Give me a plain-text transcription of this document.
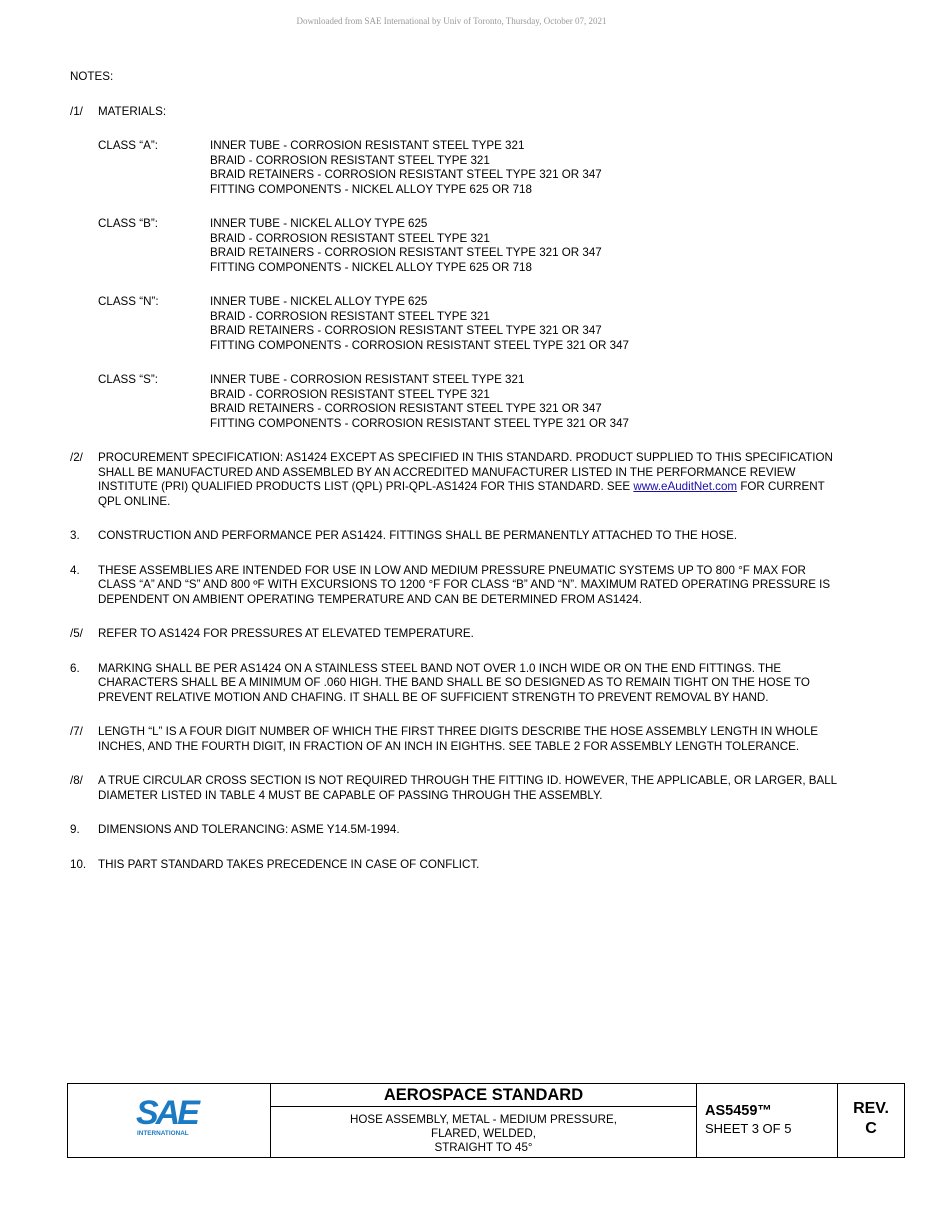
Downloaded from SAE International by Univ of Toronto, Thursday, October 07, 2021
NOTES:
/1/	MATERIALS:
CLASS “A”:	INNER TUBE - CORROSION RESISTANT STEEL TYPE 321
BRAID - CORROSION RESISTANT STEEL TYPE 321
BRAID RETAINERS - CORROSION RESISTANT STEEL TYPE 321 OR 347
FITTING COMPONENTS - NICKEL ALLOY TYPE 625 OR 718
CLASS “B”:	INNER TUBE - NICKEL ALLOY TYPE 625
BRAID - CORROSION RESISTANT STEEL TYPE 321
BRAID RETAINERS - CORROSION RESISTANT STEEL TYPE 321 OR 347
FITTING COMPONENTS - NICKEL ALLOY TYPE 625 OR 718
CLASS “N”:	INNER TUBE - NICKEL ALLOY TYPE 625
BRAID - CORROSION RESISTANT STEEL TYPE 321
BRAID RETAINERS - CORROSION RESISTANT STEEL TYPE 321 OR 347
FITTING COMPONENTS - CORROSION RESISTANT STEEL TYPE 321 OR 347
CLASS “S”:	INNER TUBE - CORROSION RESISTANT STEEL TYPE 321
BRAID - CORROSION RESISTANT STEEL TYPE 321
BRAID RETAINERS - CORROSION RESISTANT STEEL TYPE 321 OR 347
FITTING COMPONENTS - CORROSION RESISTANT STEEL TYPE 321 OR 347
/2/	PROCUREMENT SPECIFICATION: AS1424 EXCEPT AS SPECIFIED IN THIS STANDARD. PRODUCT SUPPLIED TO THIS SPECIFICATION SHALL BE MANUFACTURED AND ASSEMBLED BY AN ACCREDITED MANUFACTURER LISTED IN THE PERFORMANCE REVIEW INSTITUTE (PRI) QUALIFIED PRODUCTS LIST (QPL) PRI-QPL-AS1424 FOR THIS STANDARD. SEE www.eAuditNet.com FOR CURRENT QPL ONLINE.
3.	CONSTRUCTION AND PERFORMANCE PER AS1424. FITTINGS SHALL BE PERMANENTLY ATTACHED TO THE HOSE.
4.	THESE ASSEMBLIES ARE INTENDED FOR USE IN LOW AND MEDIUM PRESSURE PNEUMATIC SYSTEMS UP TO 800 °F MAX FOR CLASS “A” AND “S” AND 800 ºF WITH EXCURSIONS TO 1200 °F FOR CLASS “B” AND “N”. MAXIMUM RATED OPERATING PRESSURE IS DEPENDENT ON AMBIENT OPERATING TEMPERATURE AND CAN BE DETERMINED FROM AS1424.
/5/	REFER TO AS1424 FOR PRESSURES AT ELEVATED TEMPERATURE.
6.	MARKING SHALL BE PER AS1424 ON A STAINLESS STEEL BAND NOT OVER 1.0 INCH WIDE OR ON THE END FITTINGS. THE CHARACTERS SHALL BE A MINIMUM OF .060 HIGH. THE BAND SHALL BE SO DESIGNED AS TO REMAIN TIGHT ON THE HOSE TO PREVENT RELATIVE MOTION AND CHAFING. IT SHALL BE OF SUFFICIENT STRENGTH TO PREVENT REMOVAL BY HAND.
/7/	LENGTH “L” IS A FOUR DIGIT NUMBER OF WHICH THE FIRST THREE DIGITS DESCRIBE THE HOSE ASSEMBLY LENGTH IN WHOLE INCHES, AND THE FOURTH DIGIT, IN FRACTION OF AN INCH IN EIGHTHS. SEE TABLE 2 FOR ASSEMBLY LENGTH TOLERANCE.
/8/	A TRUE CIRCULAR CROSS SECTION IS NOT REQUIRED THROUGH THE FITTING ID. HOWEVER, THE APPLICABLE, OR LARGER, BALL DIAMETER LISTED IN TABLE 4 MUST BE CAPABLE OF PASSING THROUGH THE ASSEMBLY.
9.	DIMENSIONS AND TOLERANCING: ASME Y14.5M-1994.
10.	THIS PART STANDARD TAKES PRECEDENCE IN CASE OF CONFLICT.
SAE
INTERNATIONAL
AEROSPACE STANDARD
HOSE ASSEMBLY, METAL - MEDIUM PRESSURE,
FLARED, WELDED,
STRAIGHT TO 45°
AS5459™
SHEET 3 OF 5
REV.
C
